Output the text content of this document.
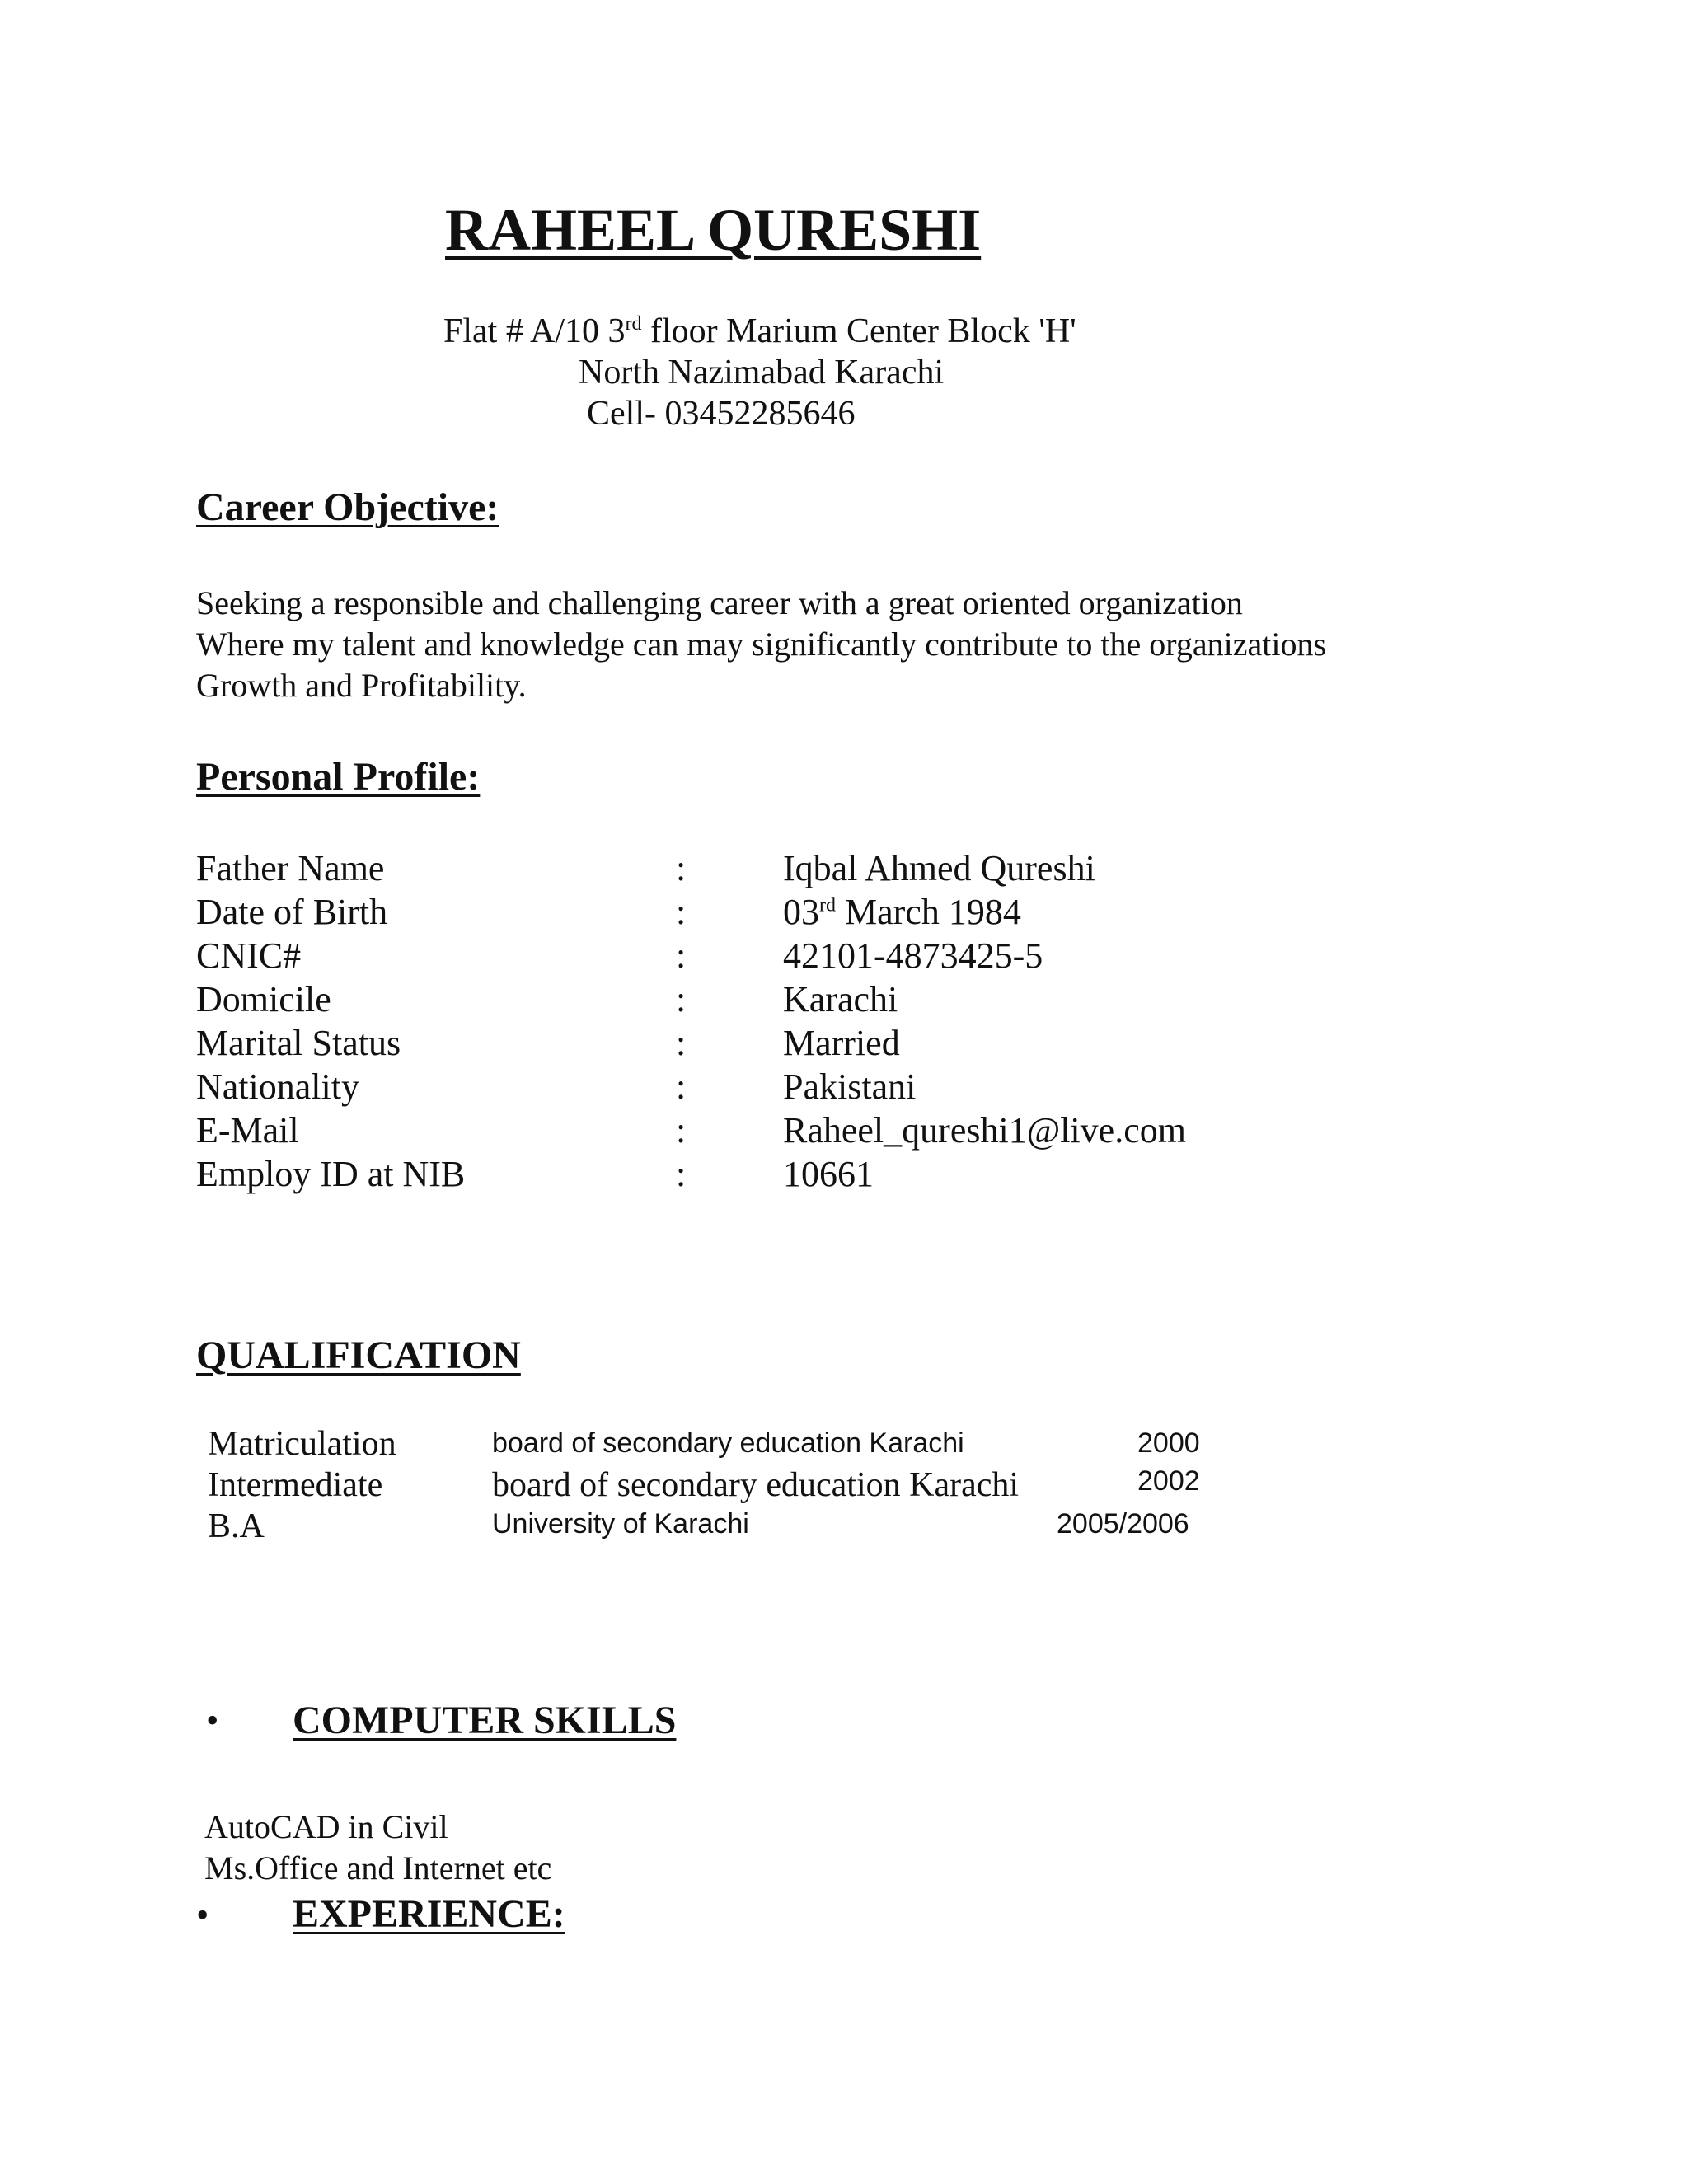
RAHEEL QURESHI
Flat # A/10 3rd floor Marium Center Block 'H'
North Nazimabad Karachi
Cell- 03452285646
Career Objective:
Seeking a responsible and challenging career with a great oriented organization
Where my talent and knowledge can may significantly contribute to the organizations
Growth and Profitability.
Personal Profile:
Father Name	:	Iqbal Ahmed Qureshi
Date of Birth	:	03rd March 1984
CNIC#	:	42101-4873425-5
Domicile	:	Karachi
Marital Status	:	Married
Nationality	:	Pakistani
E-Mail	:	Raheel_qureshi1@live.com
Employ ID at NIB	:	10661
QUALIFICATION
Matriculation	board of secondary education Karachi	2000
Intermediate	board of secondary education Karachi	2002
B.A	University of Karachi	2005/2006
• COMPUTER SKILLS
AutoCAD in Civil
Ms.Office and Internet etc
• EXPERIENCE:
